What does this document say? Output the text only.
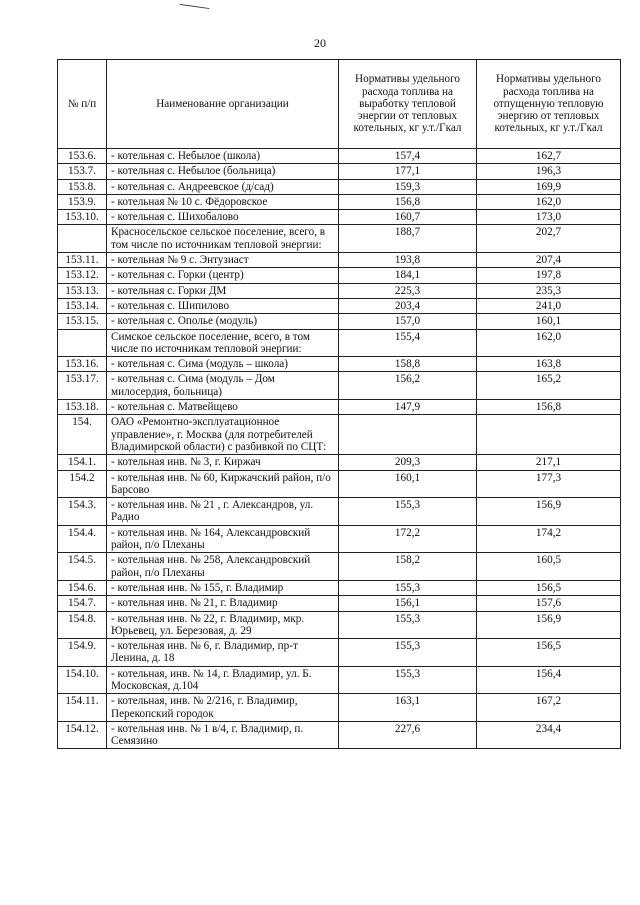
20
№ п/п	Наименование организации	Нормативы удельного расхода топлива на выработку тепловой энергии от тепловых котельных, кг у.т./Гкал	Нормативы удельного расхода топлива на отпущенную тепловую энергию от тепловых котельных, кг у.т./Гкал
153.6.	- котельная с. Небылое (школа)	157,4	162,7
153.7.	- котельная с. Небылое (больница)	177,1	196,3
153.8.	- котельная с. Андреевское (д/сад)	159,3	169,9
153.9.	- котельная № 10 с. Фёдоровское	156,8	162,0
153.10.	- котельная с. Шихобалово	160,7	173,0
	Красносельское сельское поселение, всего, в том числе по источникам тепловой энергии:	188,7	202,7
153.11.	- котельная № 9 с. Энтузиаст	193,8	207,4
153.12.	- котельная с. Горки (центр)	184,1	197,8
153.13.	- котельная с. Горки ДМ	225,3	235,3
153.14.	- котельная с. Шипилово	203,4	241,0
153.15.	- котельная с. Ополье (модуль)	157,0	160,1
	Симское сельское поселение, всего, в том числе по источникам тепловой энергии:	155,4	162,0
153.16.	- котельная с. Сима (модуль – школа)	158,8	163,8
153.17.	- котельная с. Сима (модуль – Дом милосердия, больница)	156,2	165,2
153.18.	- котельная с. Матвейщево	147,9	156,8
154.	ОАО «Ремонтно-эксплуатационное управление», г. Москва (для потребителей Владимирской области) с разбивкой по СЦТ:		
154.1.	- котельная инв. № 3, г. Киржач	209,3	217,1
154.2	- котельная инв. № 60, Киржачский район, п/о Барсово	160,1	177,3
154.3.	- котельная инв. № 21 , г. Александров, ул. Радио	155,3	156,9
154.4.	- котельная инв. № 164, Александровский район, п/о Плеханы	172,2	174,2
154.5.	- котельная инв. № 258, Александровский район, п/о Плеханы	158,2	160,5
154.6.	- котельная инв. № 155, г. Владимир	155,3	156,5
154.7.	- котельная инв. № 21, г. Владимир	156,1	157,6
154.8.	- котельная инв. № 22, г. Владимир, мкр. Юрьевец, ул. Березовая, д. 29	155,3	156,9
154.9.	- котельная инв. № 6, г. Владимир, пр-т Ленина, д. 18	155,3	156,5
154.10.	- котельная, инв. № 14, г. Владимир, ул. Б. Московская, д.104	155,3	156,4
154.11.	- котельная, инв. № 2/216, г. Владимир, Перекопский городок	163,1	167,2
154.12.	- котельная инв. № 1 в/4, г. Владимир, п. Семязино	227,6	234,4
